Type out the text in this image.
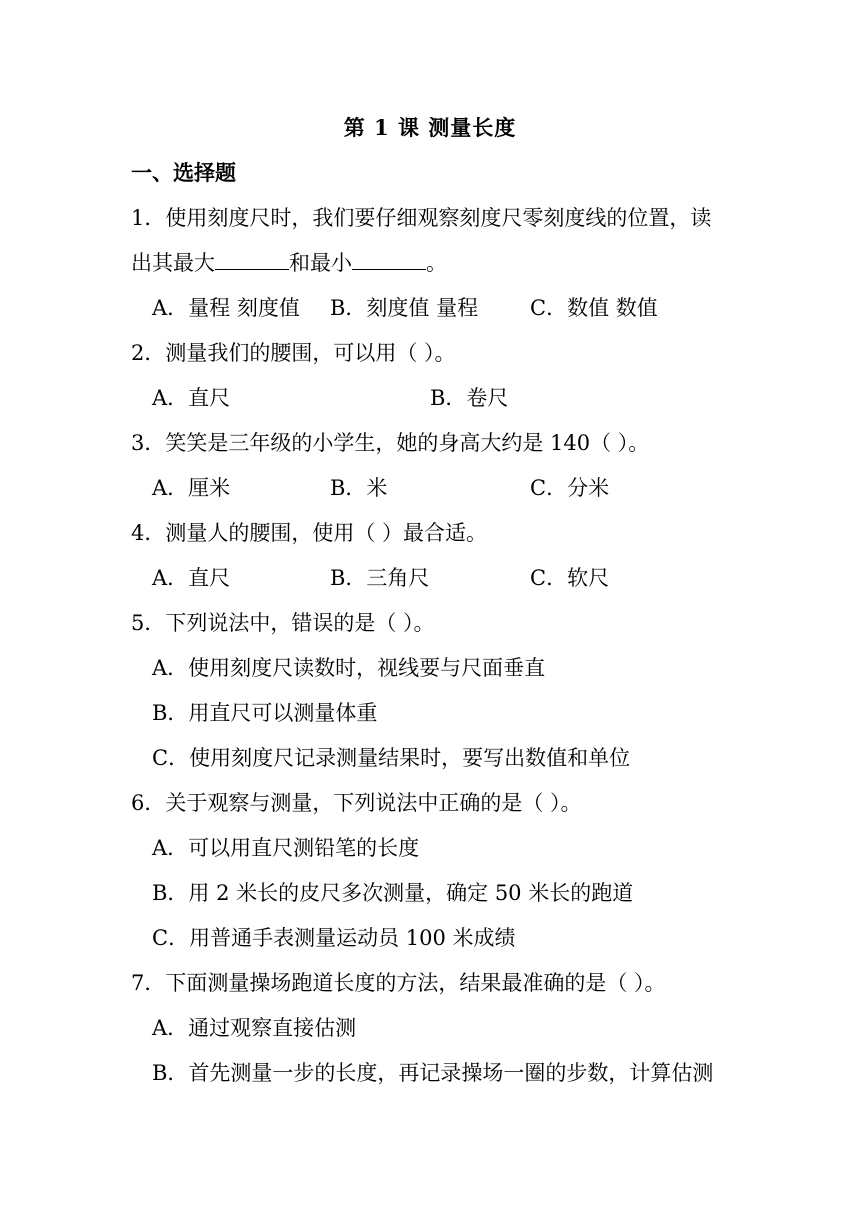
第 1 课 测量长度
一、选择题
1．使用刻度尺时，我们要仔细观察刻度尺零刻度线的位置，读
出其最大	和最小	。
A．量程 刻度值 B．刻度值 量程 C．数值 数值
2．测量我们的腰围，可以用（ ）。
A．直尺	B．卷尺
3．笑笑是三年级的小学生，她的身高大约是 140（ ）。
A．厘米	B．米	C．分米
4．测量人的腰围，使用（ ）最合适。
A．直尺	B．三角尺	C．软尺
5．下列说法中，错误的是（ ）。
A．使用刻度尺读数时，视线要与尺面垂直
B．用直尺可以测量体重
C．使用刻度尺记录测量结果时，要写出数值和单位
6．关于观察与测量，下列说法中正确的是（ ）。
A．可以用直尺测铅笔的长度
B．用 2 米长的皮尺多次测量，确定 50 米长的跑道
C．用普通手表测量运动员 100 米成绩
7．下面测量操场跑道长度的方法，结果最准确的是（ ）。
A．通过观察直接估测
B．首先测量一步的长度，再记录操场一圈的步数，计算估测
